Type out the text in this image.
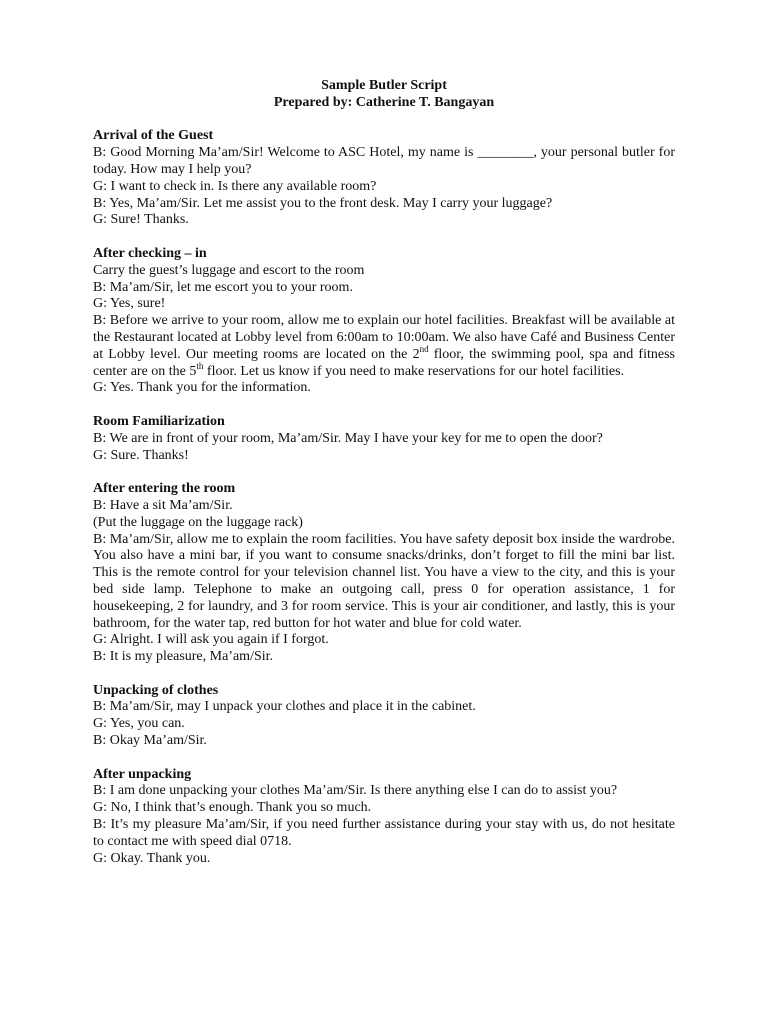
Sample Butler Script
Prepared by: Catherine T. Bangayan
Arrival of the Guest
B: Good Morning Ma’am/Sir! Welcome to ASC Hotel, my name is ________, your personal butler for today. How may I help you?
G: I want to check in. Is there any available room?
B: Yes, Ma’am/Sir. Let me assist you to the front desk. May I carry your luggage?
G: Sure! Thanks.
After checking – in
Carry the guest’s luggage and escort to the room
B: Ma’am/Sir, let me escort you to your room.
G: Yes, sure!
B: Before we arrive to your room, allow me to explain our hotel facilities. Breakfast will be available at the Restaurant located at Lobby level from 6:00am to 10:00am. We also have Café and Business Center at Lobby level. Our meeting rooms are located on the 2nd floor, the swimming pool, spa and fitness center are on the 5th floor. Let us know if you need to make reservations for our hotel facilities.
G: Yes. Thank you for the information.
Room Familiarization
B: We are in front of your room, Ma’am/Sir. May I have your key for me to open the door?
G: Sure. Thanks!
After entering the room
B: Have a sit Ma’am/Sir.
(Put the luggage on the luggage rack)
B: Ma’am/Sir, allow me to explain the room facilities. You have safety deposit box inside the wardrobe. You also have a mini bar, if you want to consume snacks/drinks, don’t forget to fill the mini bar list. This is the remote control for your television channel list. You have a view to the city, and this is your bed side lamp. Telephone to make an outgoing call, press 0 for operation assistance, 1 for housekeeping, 2 for laundry, and 3 for room service. This is your air conditioner, and lastly, this is your bathroom, for the water tap, red button for hot water and blue for cold water.
G: Alright. I will ask you again if I forgot.
B: It is my pleasure, Ma’am/Sir.
Unpacking of clothes
B: Ma’am/Sir, may I unpack your clothes and place it in the cabinet.
G: Yes, you can.
B: Okay Ma’am/Sir.
After unpacking
B: I am done unpacking your clothes Ma’am/Sir. Is there anything else I can do to assist you?
G: No, I think that’s enough. Thank you so much.
B: It’s my pleasure Ma’am/Sir, if you need further assistance during your stay with us, do not hesitate to contact me with speed dial 0718.
G: Okay. Thank you.
